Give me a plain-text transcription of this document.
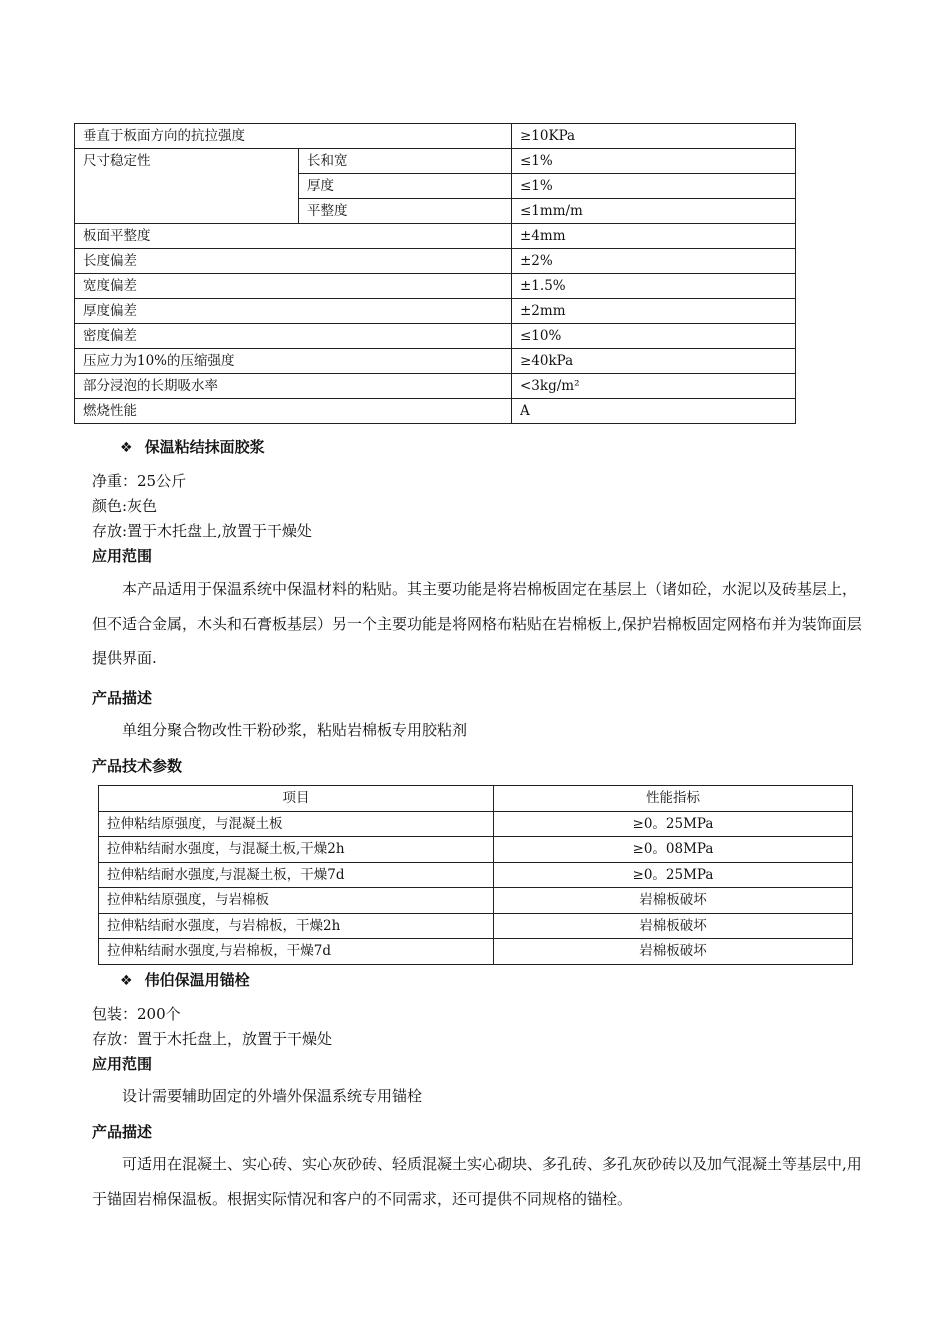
垂直于板面方向的抗拉强度		≥10KPa
尺寸稳定性	长和宽	≤1%
	厚度	≤1%
	平整度	≤1mm/m
板面平整度		±4mm
长度偏差		±2%
宽度偏差		±1.5%
厚度偏差		±2mm
密度偏差		≤10%
压应力为10%的压缩强度		≥40kPa
部分浸泡的长期吸水率		<3kg/m²
燃烧性能		A
❖ 保温粘结抹面胶浆
净重：25公斤
颜色:灰色
存放:置于木托盘上,放置于干燥处
应用范围
本产品适用于保温系统中保温材料的粘贴。其主要功能是将岩棉板固定在基层上（诸如砼，水泥以及砖基层上，但不适合金属，木头和石膏板基层）另一个主要功能是将网格布粘贴在岩棉板上,保护岩棉板固定网格布并为装饰面层提供界面.
产品描述
单组分聚合物改性干粉砂浆，粘贴岩棉板专用胶粘剂
产品技术参数
项目	性能指标
拉伸粘结原强度，与混凝土板	≥0。25MPa
拉伸粘结耐水强度，与混凝土板,干燥2h	≥0。08MPa
拉伸粘结耐水强度,与混凝土板，干燥7d	≥0。25MPa
拉伸粘结原强度，与岩棉板	岩棉板破坏
拉伸粘结耐水强度，与岩棉板，干燥2h	岩棉板破坏
拉伸粘结耐水强度,与岩棉板，干燥7d	岩棉板破坏
❖ 伟伯保温用锚栓
包装：200个
存放：置于木托盘上，放置于干燥处
应用范围
设计需要辅助固定的外墙外保温系统专用锚栓
产品描述
可适用在混凝土、实心砖、实心灰砂砖、轻质混凝土实心砌块、多孔砖、多孔灰砂砖以及加气混凝土等基层中,用于锚固岩棉保温板。根据实际情况和客户的不同需求，还可提供不同规格的锚栓。
